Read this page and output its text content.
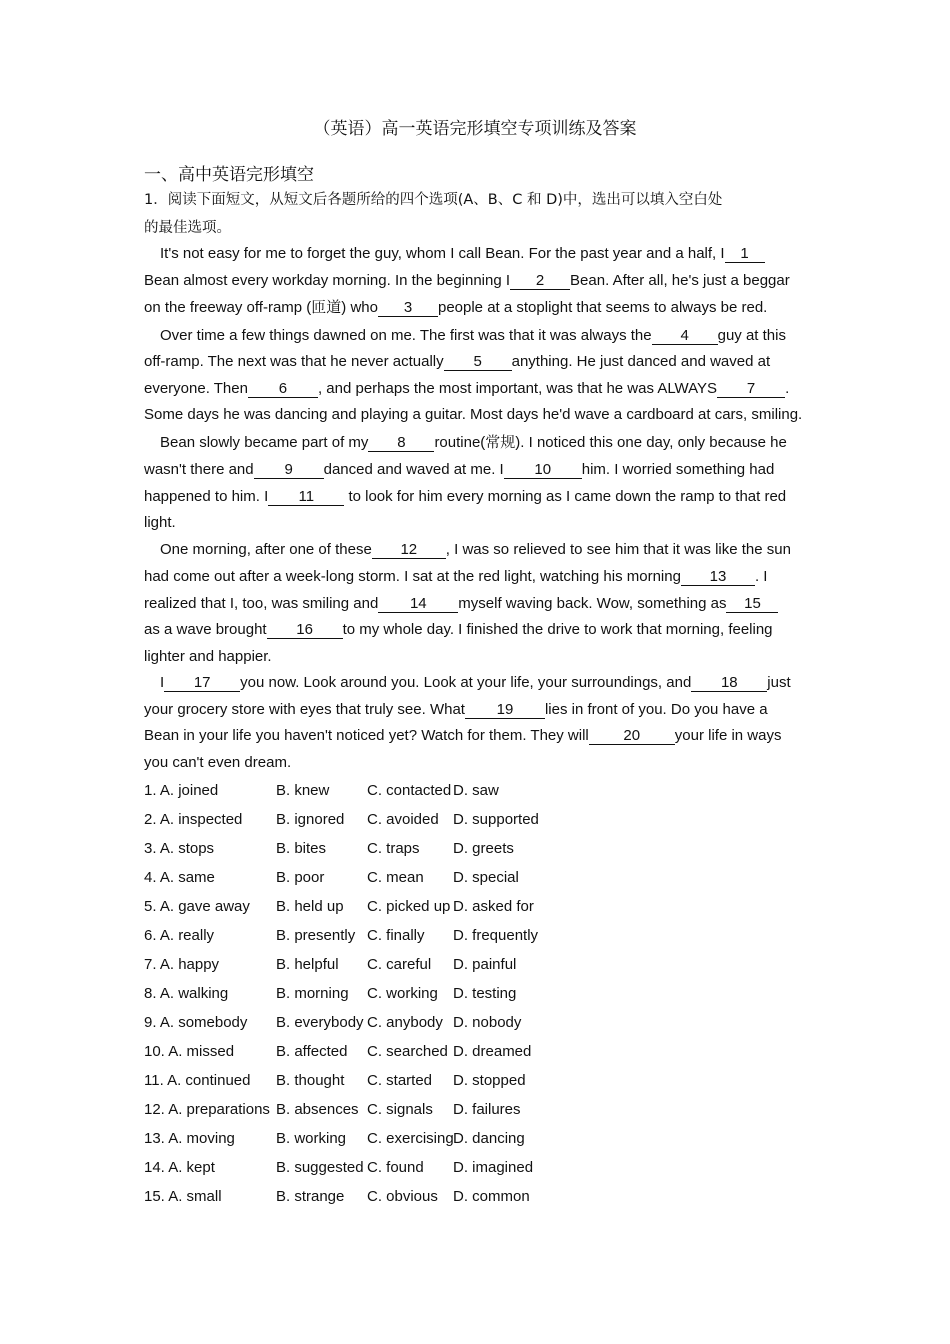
（英语）高一英语完形填空专项训练及答案
一、高中英语完形填空
1．阅读下面短文，从短文后各题所给的四个选项(A、B、C 和 D)中，选出可以填入空白处
的最佳选项。
It's not easy for me to forget the guy, whom I call Bean. For the past year and a half, I 1
Bean almost every workday morning. In the beginning I 2 Bean. After all, he's just a beggar
on the freeway off-ramp (匝道) who 3 people at a stoplight that seems to always be red.
Over time a few things dawned on me. The first was that it was always the 4 guy at this
off-ramp. The next was that he never actually 5 anything. He just danced and waved at
everyone. Then 6 , and perhaps the most important, was that he was ALWAYS 7 .
Some days he was dancing and playing a guitar. Most days he'd wave a cardboard at cars, smiling.
Bean slowly became part of my 8 routine(常规). I noticed this one day, only because he
wasn't there and 9 danced and waved at me. I 10 him. I worried something had
happened to him. I 11 to look for him every morning as I came down the ramp to that red
light.
One morning, after one of these 12 , I was so relieved to see him that it was like the sun
had come out after a week-long storm. I sat at the red light, watching his morning 13 . I
realized that I, too, was smiling and 14 myself waving back. Wow, something as 15
as a wave brought 16 to my whole day. I finished the drive to work that morning, feeling
lighter and happier.
I 17 you now. Look around you. Look at your life, your surroundings, and 18 just
your grocery store with eyes that truly see. What 19 lies in front of you. Do you have a
Bean in your life you haven't noticed yet? Watch for them. They will 20 your life in ways
you can't even dream.
1. A. joined	B. knew	C. contacted D. saw
2. A. inspected B. ignored C. avoided D. supported
3. A. stops	B. bites	C. traps D. greets
4. A. same	B. poor	C. mean D. special
5. A. gave away B. held up C. picked up D. asked for
6. A. really	B. presently C. finally D. frequently
7. A. happy	B. helpful C. careful D. painful
8. A. walking	B. morning C. working D. testing
9. A. somebody B. everybody C. anybody D. nobody
10. A. missed	B. affected C. searched D. dreamed
11. A. continued B. thought C. started D. stopped
12. A. preparations B. absences C. signals D. failures
13. A. moving	B. working C. exercising D. dancing
14. A. kept	B. suggested C. found D. imagined
15. A. small	B. strange C. obvious D. common
